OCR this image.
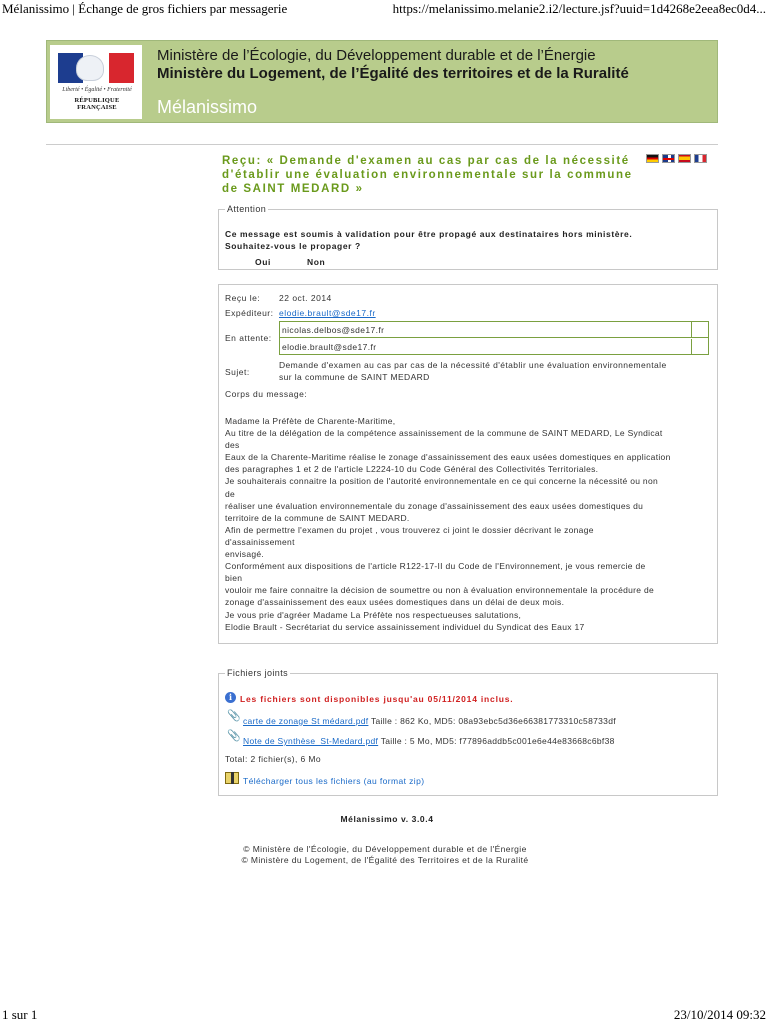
Mélanissimo | Échange de gros fichiers par messagerie	https://melanissimo.melanie2.i2/lecture.jsf?uuid=1d4268e2eea8ec0d4...
Liberté • Égalité • Fraternité
RÉPUBLIQUE FRANÇAISE
Ministère de l’Écologie, du Développement durable et de l’Énergie
Ministère du Logement, de l’Égalité des territoires et de la Ruralité
Mélanissimo
Reçu: « Demande d'examen au cas par cas de la nécessité
d'établir une évaluation environnementale sur la commune
de SAINT MEDARD »
Attention
Ce message est soumis à validation pour être propagé aux destinataires hors ministère.
Souhaitez-vous le propager ?
Oui	Non
Reçu le: 22 oct. 2014
Expéditeur: elodie.brault@sde17.fr
En attente:
nicolas.delbos@sde17.fr
elodie.brault@sde17.fr
Sujet:
Demande d'examen au cas par cas de la nécessité d'établir une évaluation environnementale
sur la commune de SAINT MEDARD
Corps du message:
Madame la Préfète de Charente-Maritime,
Au titre de la délégation de la compétence assainissement de la commune de SAINT MEDARD, Le Syndicat
des
Eaux de la Charente-Maritime réalise le zonage d'assainissement des eaux usées domestiques en application
des paragraphes 1 et 2 de l'article L2224-10 du Code Général des Collectivités Territoriales.
Je souhaiterais connaitre la position de l'autorité environnementale en ce qui concerne la nécessité ou non
de
réaliser une évaluation environnementale du zonage d'assainissement des eaux usées domestiques du
territoire de la commune de SAINT MEDARD.
Afin de permettre l'examen du projet , vous trouverez ci joint le dossier décrivant le zonage
d'assainissement
envisagé.
Conformément aux dispositions de l'article R122-17-II du Code de l'Environnement, je vous remercie de
bien
vouloir me faire connaitre la décision de soumettre ou non à évaluation environnementale la procédure de
zonage d'assainissement des eaux usées domestiques dans un délai de deux mois.
Je vous prie d'agréer Madame La Préfète nos respectueuses salutations,
Elodie Brault - Secrétariat du service assainissement individuel du Syndicat des Eaux 17
Fichiers joints
i Les fichiers sont disponibles jusqu'au 05/11/2014 inclus.
📎 carte de zonage St médard.pdf Taille : 862 Ko, MD5: 08a93ebc5d36e66381773310c58733df
📎 Note de Synthèse_St-Medard.pdf Taille : 5 Mo, MD5: f77896addb5c001e6e44e83668c6bf38
Total: 2 fichier(s), 6 Mo
Télécharger tous les fichiers (au format zip)
Mélanissimo v. 3.0.4
© Ministère de l'Écologie, du Développement durable et de l'Énergie
© Ministère du Logement, de l'Égalité des Territoires et de la Ruralité
1 sur 1	23/10/2014 09:32
